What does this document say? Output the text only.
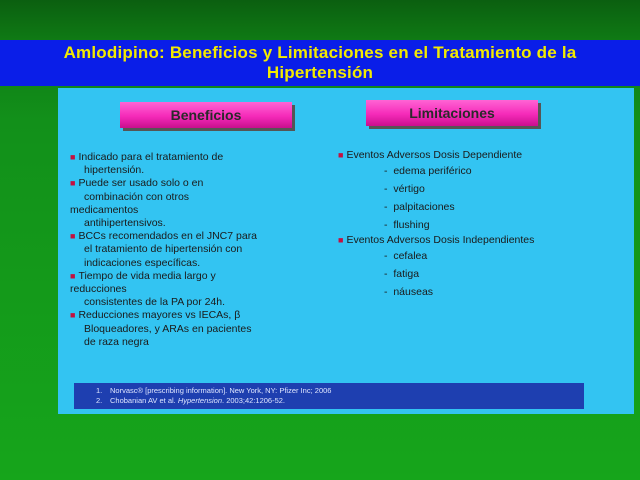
Amlodipino: Beneficios y Limitaciones en el Tratamiento de la
Hipertensión
Beneficios	Limitaciones
■ Indicado para el tratamiento de
hipertensión.
■ Puede ser usado solo o en
combinación con otros
medicamentos
antihipertensivos.
■ BCCs recomendados en el JNC7 para
el tratamiento de hipertensión con
indicaciones específicas.
■ Tiempo de vida media largo y
reducciones
consistentes de la PA por 24h.
■ Reducciones mayores vs IECAs, β
Bloqueadores, y ARAs en pacientes
de raza negra
■ Eventos Adversos Dosis Dependiente
- edema periférico
- vértigo
- palpitaciones
- flushing
■ Eventos Adversos Dosis Independientes
- cefalea
- fatiga
- náuseas
1. Norvasc® [prescribing information]. New York, NY: Pfizer Inc; 2006
2. Chobanian AV et al. Hypertension. 2003;42:1206-52.
